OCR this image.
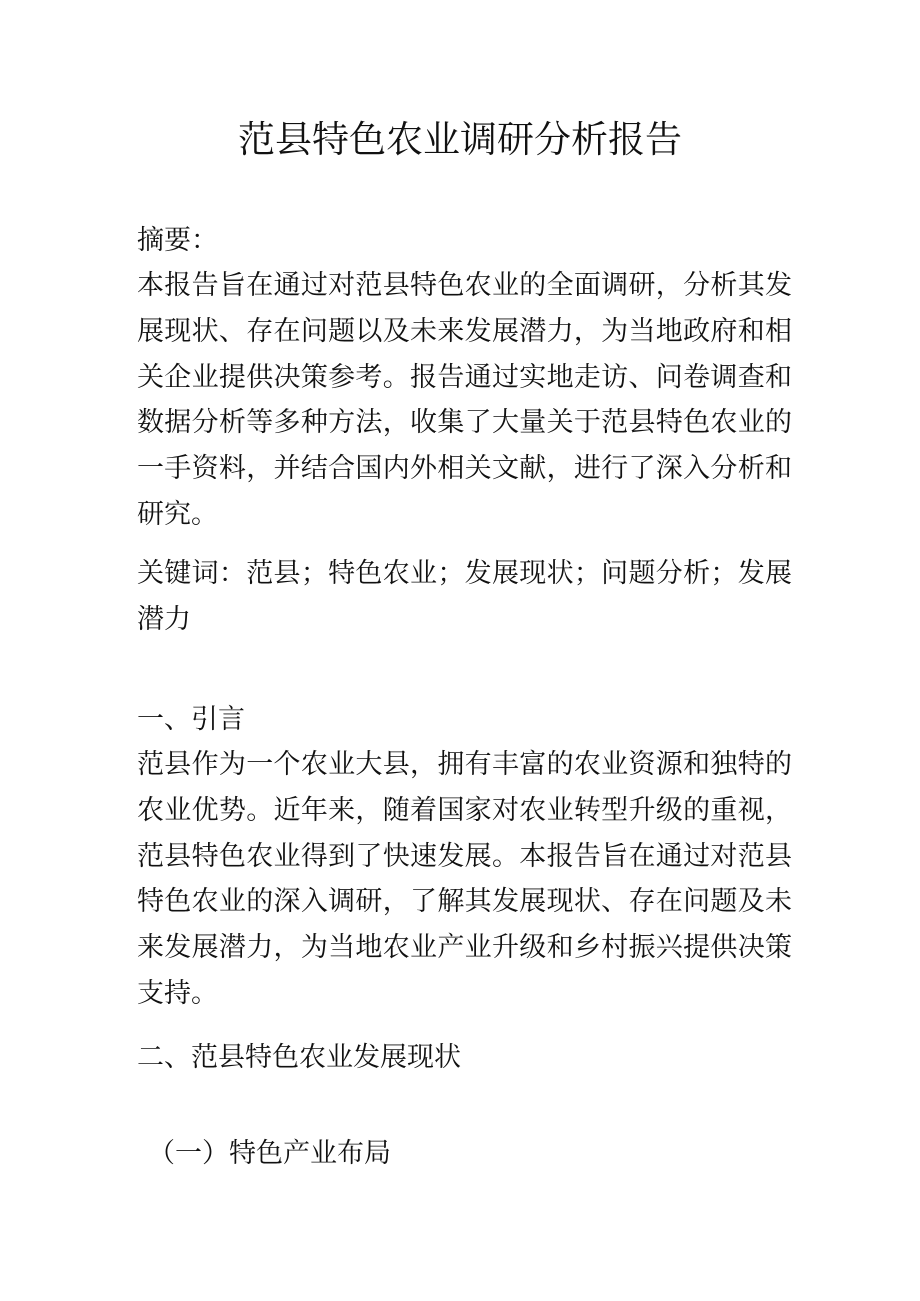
范县特色农业调研分析报告

摘要：

本报告旨在通过对范县特色农业的全面调研，分析其发展现状、存在问题以及未来发展潜力，为当地政府和相关企业提供决策参考。报告通过实地走访、问卷调查和数据分析等多种方法，收集了大量关于范县特色农业的一手资料，并结合国内外相关文献，进行了深入分析和研究。

关键词：范县；特色农业；发展现状；问题分析；发展潜力

一、引言

范县作为一个农业大县，拥有丰富的农业资源和独特的农业优势。近年来，随着国家对农业转型升级的重视，范县特色农业得到了快速发展。本报告旨在通过对范县特色农业的深入调研，了解其发展现状、存在问题及未来发展潜力，为当地农业产业升级和乡村振兴提供决策支持。

二、范县特色农业发展现状

（一）特色产业布局
